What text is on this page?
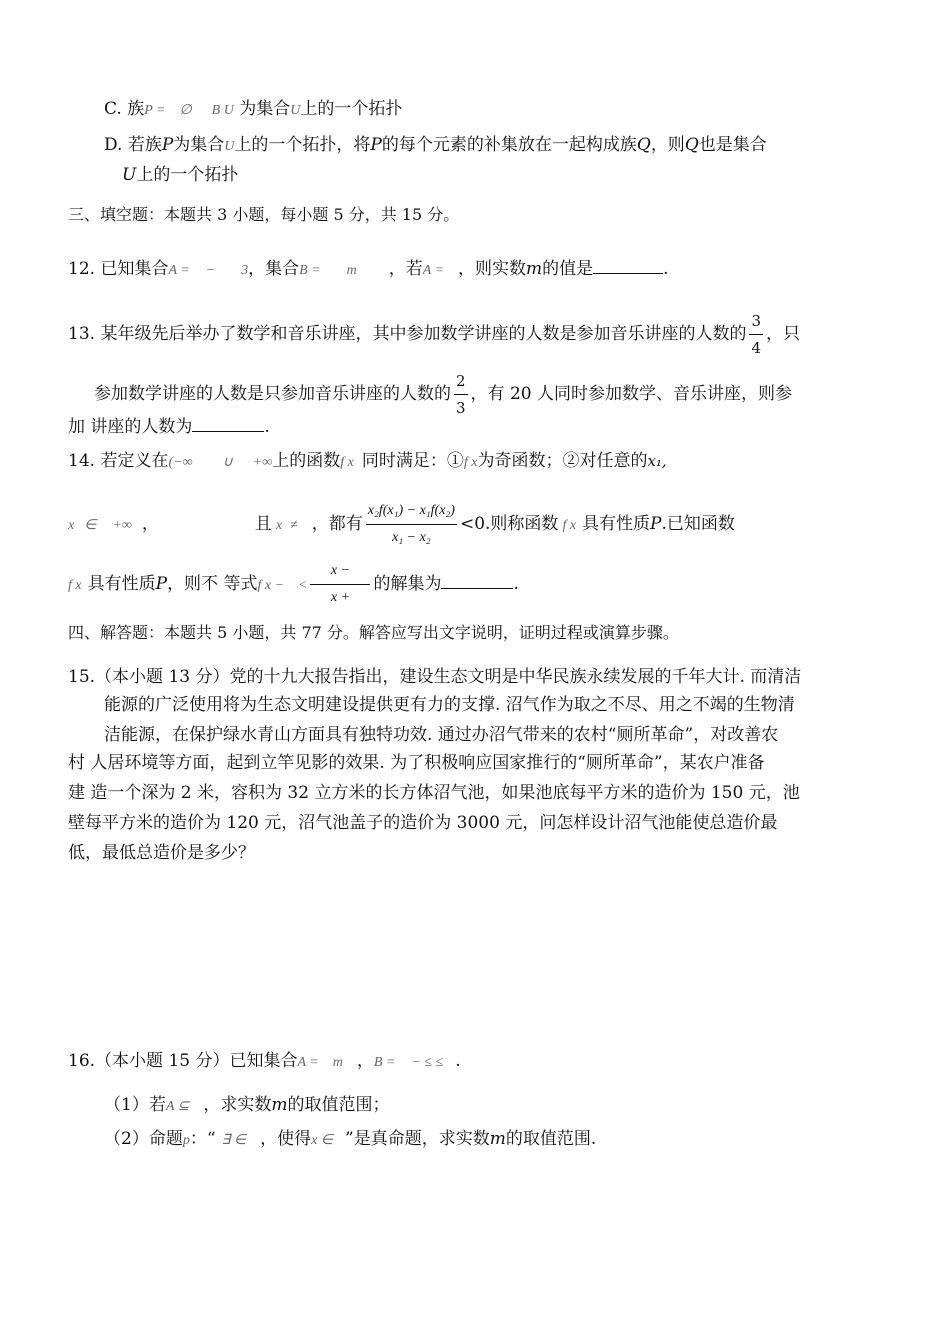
C. 族P = ∅ B U 为集合U上的一个拓扑
D. 若族P为集合U上的一个拓扑，将P的每个元素的补集放在一起构成族Q，则Q也是集合
U上的一个拓扑
三、填空题：本题共 3 小题，每小题 5 分，共 15 分。
12. 已知集合A = − 3，集合B = m ，若A = ，则实数m的值是	.
13. 某年级先后举办了数学和音乐讲座，其中参加数学讲座的人数是参加音乐讲座的人数的 $\frac{3}{4}$ ，只
参加数学讲座的人数是只参加音乐讲座的人数的 $\frac{2}{3}$ ，有 20 人同时参加数学、音乐讲座，则参
加 讲座的人数为	.
14. 若定义在(−∞ ∪ +∞上的函数f x 同时满足：①f x为奇函数；②对任意的x₁,
x ∈ +∞ ，	且 x ≠ ，都有 $\frac{\text{x₂f(x₁) − x₁f(x₂)}}{\text{x₁ − x₂}} <0$.则称函数 f x 具有性质P.已知函数
f x 具有性质P，则不 等式f x − < $\frac{x -}{x +}$ 的解集为	.
四、解答题：本题共 5 小题，共 77 分。解答应写出文字说明，证明过程或演算步骤。
15.（本小题 13 分）党的十九大报告指出，建设生态文明是中华民族永续发展的千年大计. 而清洁
能源的广泛使用将为生态文明建设提供更有力的支撑. 沼气作为取之不尽、用之不竭的生物清
洁能源，在保护绿水青山方面具有独特功效. 通过办沼气带来的农村“厕所革命”，对改善农
村 人居环境等方面，起到立竿见影的效果. 为了积极响应国家推行的“厕所革命”，某农户准备
建 造一个深为 2 米，容积为 32 立方米的长方体沼气池，如果池底每平方米的造价为 150 元，池
壁每平方米的造价为 120 元，沼气池盖子的造价为 3000 元，问怎样设计沼气池能使总造价最
低，最低总造价是多少？
16.（本小题 15 分）已知集合A = m ，B = − ≤ ≤ .
（1）若A ⊆ ，求实数m的取值范围；
（2）命题p：“ ∃ ∈ ，使得x ∈ ”是真命题，求实数m的取值范围.
